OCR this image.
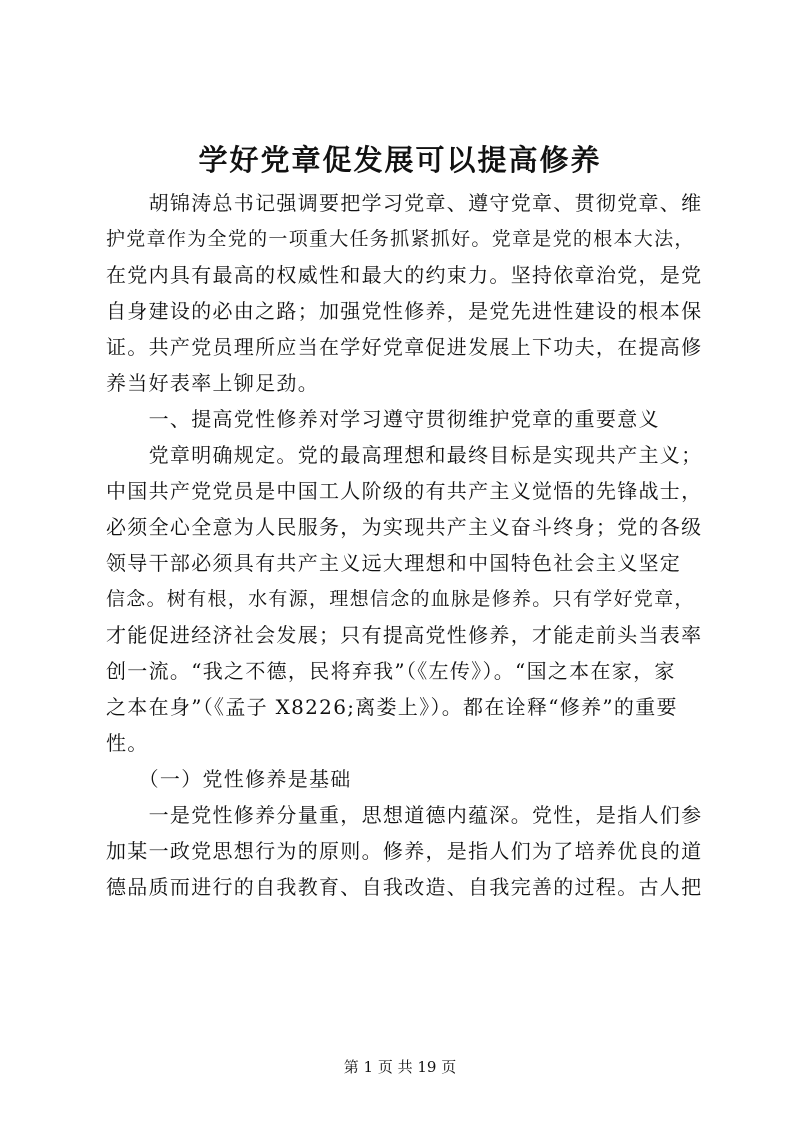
学好党章促发展可以提高修养
　　胡锦涛总书记强调要把学习党章、遵守党章、贯彻党章、维
护党章作为全党的一项重大任务抓紧抓好。党章是党的根本大法，
在党内具有最高的权威性和最大的约束力。坚持依章治党，是党
自身建设的必由之路；加强党性修养，是党先进性建设的根本保
证。共产党员理所应当在学好党章促进发展上下功夫，在提高修
养当好表率上铆足劲。
　　一、提高党性修养对学习遵守贯彻维护党章的重要意义
　　党章明确规定。党的最高理想和最终目标是实现共产主义；
中国共产党党员是中国工人阶级的有共产主义觉悟的先锋战士，
必须全心全意为人民服务，为实现共产主义奋斗终身；党的各级
领导干部必须具有共产主义远大理想和中国特色社会主义坚定
信念。树有根，水有源，理想信念的血脉是修养。只有学好党章，
才能促进经济社会发展；只有提高党性修养，才能走前头当表率
创一流。“我之不德，民将弃我”（《左传》）。“国之本在家，家
之本在身”（《孟子 X8226;离娄上》）。都在诠释“修养”的重要
性。
　　（一）党性修养是基础
　　一是党性修养分量重，思想道德内蕴深。党性，是指人们参
加某一政党思想行为的原则。修养，是指人们为了培养优良的道
德品质而进行的自我教育、自我改造、自我完善的过程。古人把
第 1 页 共 19 页
